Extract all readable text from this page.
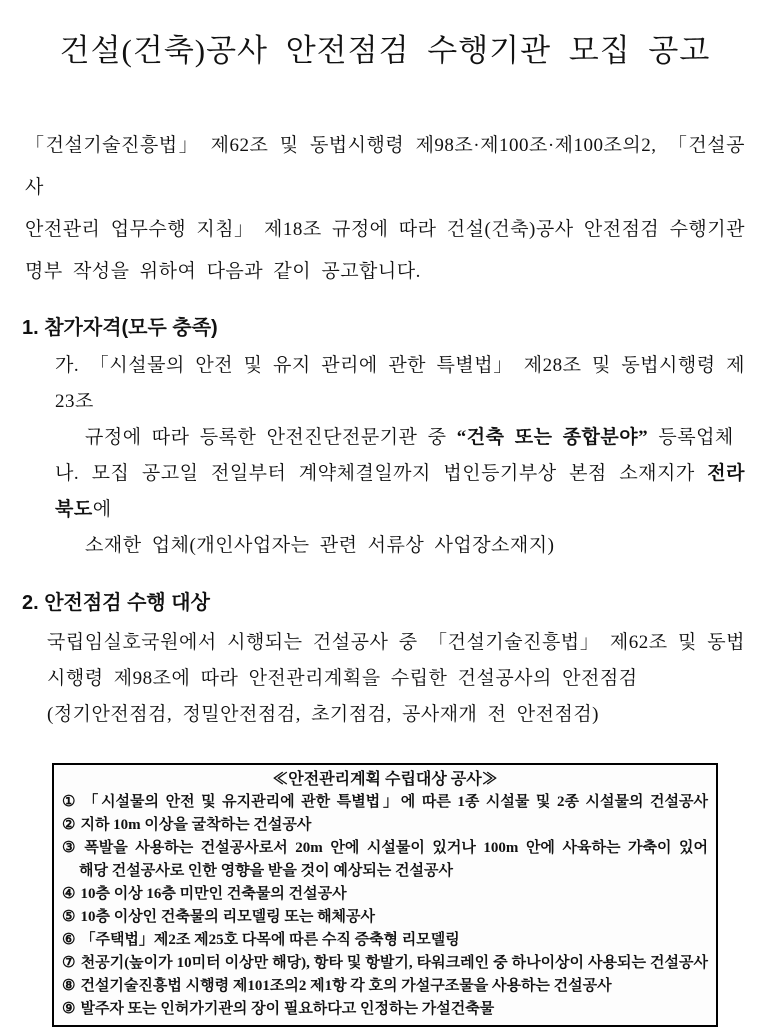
건설(건축)공사 안전점검 수행기관 모집 공고
「건설기술진흥법」 제62조 및 동법시행령 제98조·제100조·제100조의2, 「건설공사
안전관리 업무수행 지침」 제18조 규정에 따라 건설(건축)공사 안전점검 수행기관
명부 작성을 위하여 다음과 같이 공고합니다.
1. 참가자격(모두 충족)
가. 「시설물의 안전 및 유지 관리에 관한 특별법」 제28조 및 동법시행령 제23조
규정에 따라 등록한 안전진단전문기관 중 “건축 또는 종합분야” 등록업체
나. 모집 공고일 전일부터 계약체결일까지 법인등기부상 본점 소재지가 전라북도에
소재한 업체(개인사업자는 관련 서류상 사업장소재지)
2. 안전점검 수행 대상
국립임실호국원에서 시행되는 건설공사 중 「건설기술진흥법」 제62조 및 동법
시행령 제98조에 따라 안전관리계획을 수립한 건설공사의 안전점검
(정기안전점검, 정밀안전점검, 초기점검, 공사재개 전 안전점검)
≪안전관리계획 수립대상 공사≫
① 「시설물의 안전 및 유지관리에 관한 특별법」에 따른 1종 시설물 및 2종 시설물의 건설공사
② 지하 10m 이상을 굴착하는 건설공사
③ 폭발을 사용하는 건설공사로서 20m 안에 시설물이 있거나 100m 안에 사육하는 가축이 있어
해당 건설공사로 인한 영향을 받을 것이 예상되는 건설공사
④ 10층 이상 16층 미만인 건축물의 건설공사
⑤ 10층 이상인 건축물의 리모델링 또는 해체공사
⑥ 「주택법」제2조 제25호 다목에 따른 수직 증축형 리모델링
⑦ 천공기(높이가 10미터 이상만 해당), 항타 및 항발기, 타워크레인 중 하나이상이 사용되는 건설공사
⑧ 건설기술진흥법 시행령 제101조의2 제1항 각 호의 가설구조물을 사용하는 건설공사
⑨ 발주자 또는 인허가기관의 장이 필요하다고 인정하는 가설건축물
